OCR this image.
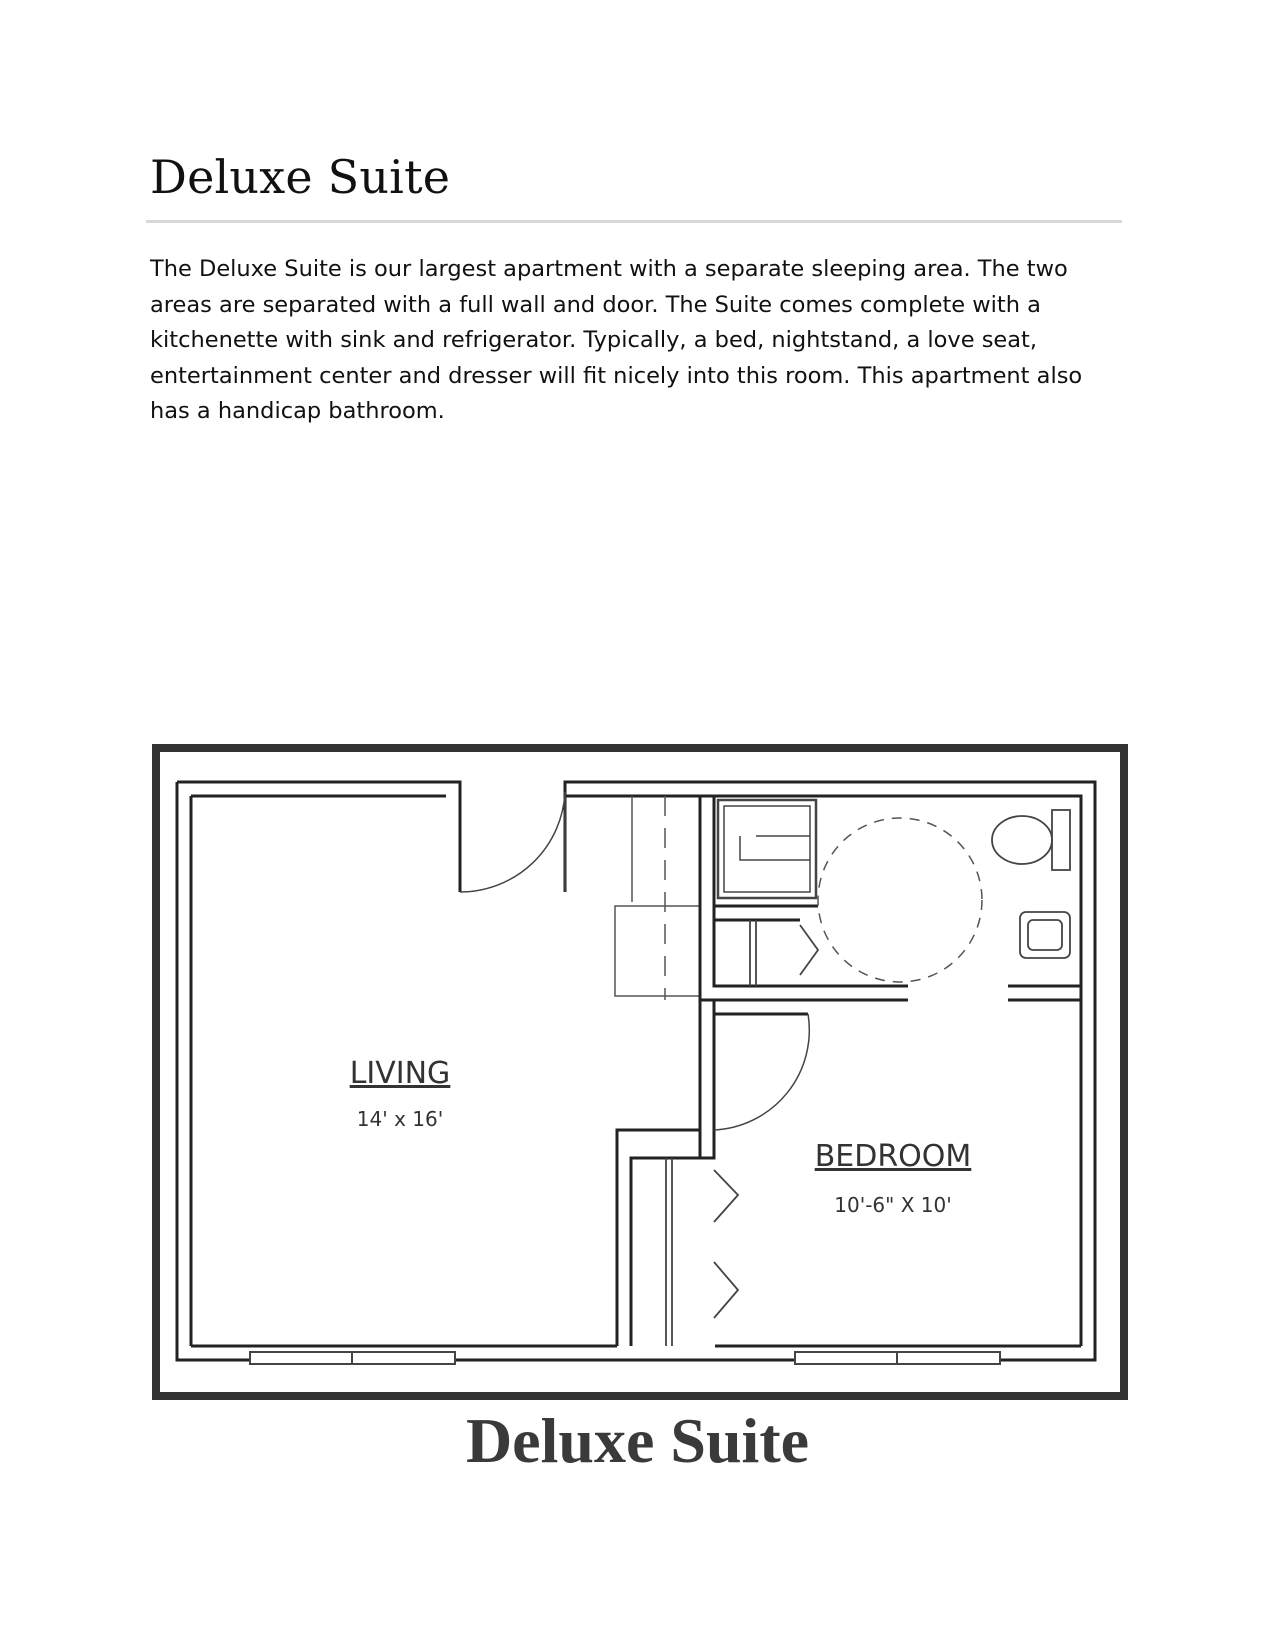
Deluxe Suite

The Deluxe Suite is our largest apartment with a separate sleeping area. The two areas are separated with a full wall and door. The Suite comes complete with a kitchenette with sink and refrigerator. Typically, a bed, nightstand, a love seat, entertainment center and dresser will fit nicely into this room. This apartment also has a handicap bathroom.

LIVING
14' x 16'
BEDROOM
10'-6" X 10'
Deluxe Suite
